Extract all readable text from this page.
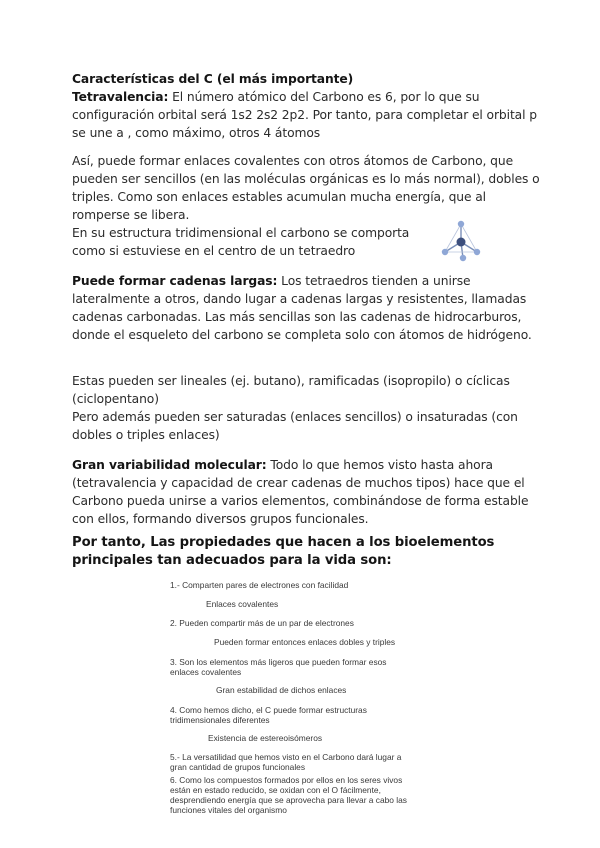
Características del C (el más importante)

Tetravalencia: El número atómico del Carbono es 6, por lo que su configuración orbital será 1s2 2s2 2p2. Por tanto, para completar el orbital p se une a , como máximo, otros 4 átomos

Así, puede formar enlaces covalentes con otros átomos de Carbono, que pueden ser sencillos (en las moléculas orgánicas es lo más normal), dobles o triples. Como son enlaces estables acumulan mucha energía, que al romperse se libera.

En su estructura tridimensional el carbono se comporta

como si estuviese en el centro de un tetraedro

Puede formar cadenas largas: Los tetraedros tienden a unirse lateralmente a otros, dando lugar a cadenas largas y resistentes, llamadas cadenas carbonadas. Las más sencillas son las cadenas de hidrocarburos, donde el esqueleto del carbono se completa solo con átomos de hidrógeno.

Estas pueden ser lineales (ej. butano), ramificadas (isopropilo) o cíclicas (ciclopentano)

Pero además pueden ser saturadas (enlaces sencillos) o insaturadas (con dobles o triples enlaces)

Gran variabilidad molecular: Todo lo que hemos visto hasta ahora (tetravalencia y capacidad de crear cadenas de muchos tipos) hace que el Carbono pueda unirse a varios elementos, combinándose de forma estable con ellos, formando diversos grupos funcionales.

Por tanto, Las propiedades que hacen a los bioelementos principales tan adecuados para la vida son:
1.- Comparten pares de electrones con facilidad
Enlaces covalentes
2. Pueden compartir más de un par de electrones
Pueden formar entonces enlaces dobles y triples
3. Son los elementos más ligeros que pueden formar esos
enlaces covalentes
Gran estabilidad de dichos enlaces
4. Como hemos dicho, el C puede formar estructuras
tridimensionales diferentes
Existencia de estereoisómeros
5.- La versatilidad que hemos visto en el Carbono dará lugar a
gran cantidad de grupos funcionales
6. Como los compuestos formados por ellos en los seres vivos
están en estado reducido, se oxidan con el O fácilmente,
desprendiendo energía que se aprovecha para llevar a cabo las
funciones vitales del organismo
